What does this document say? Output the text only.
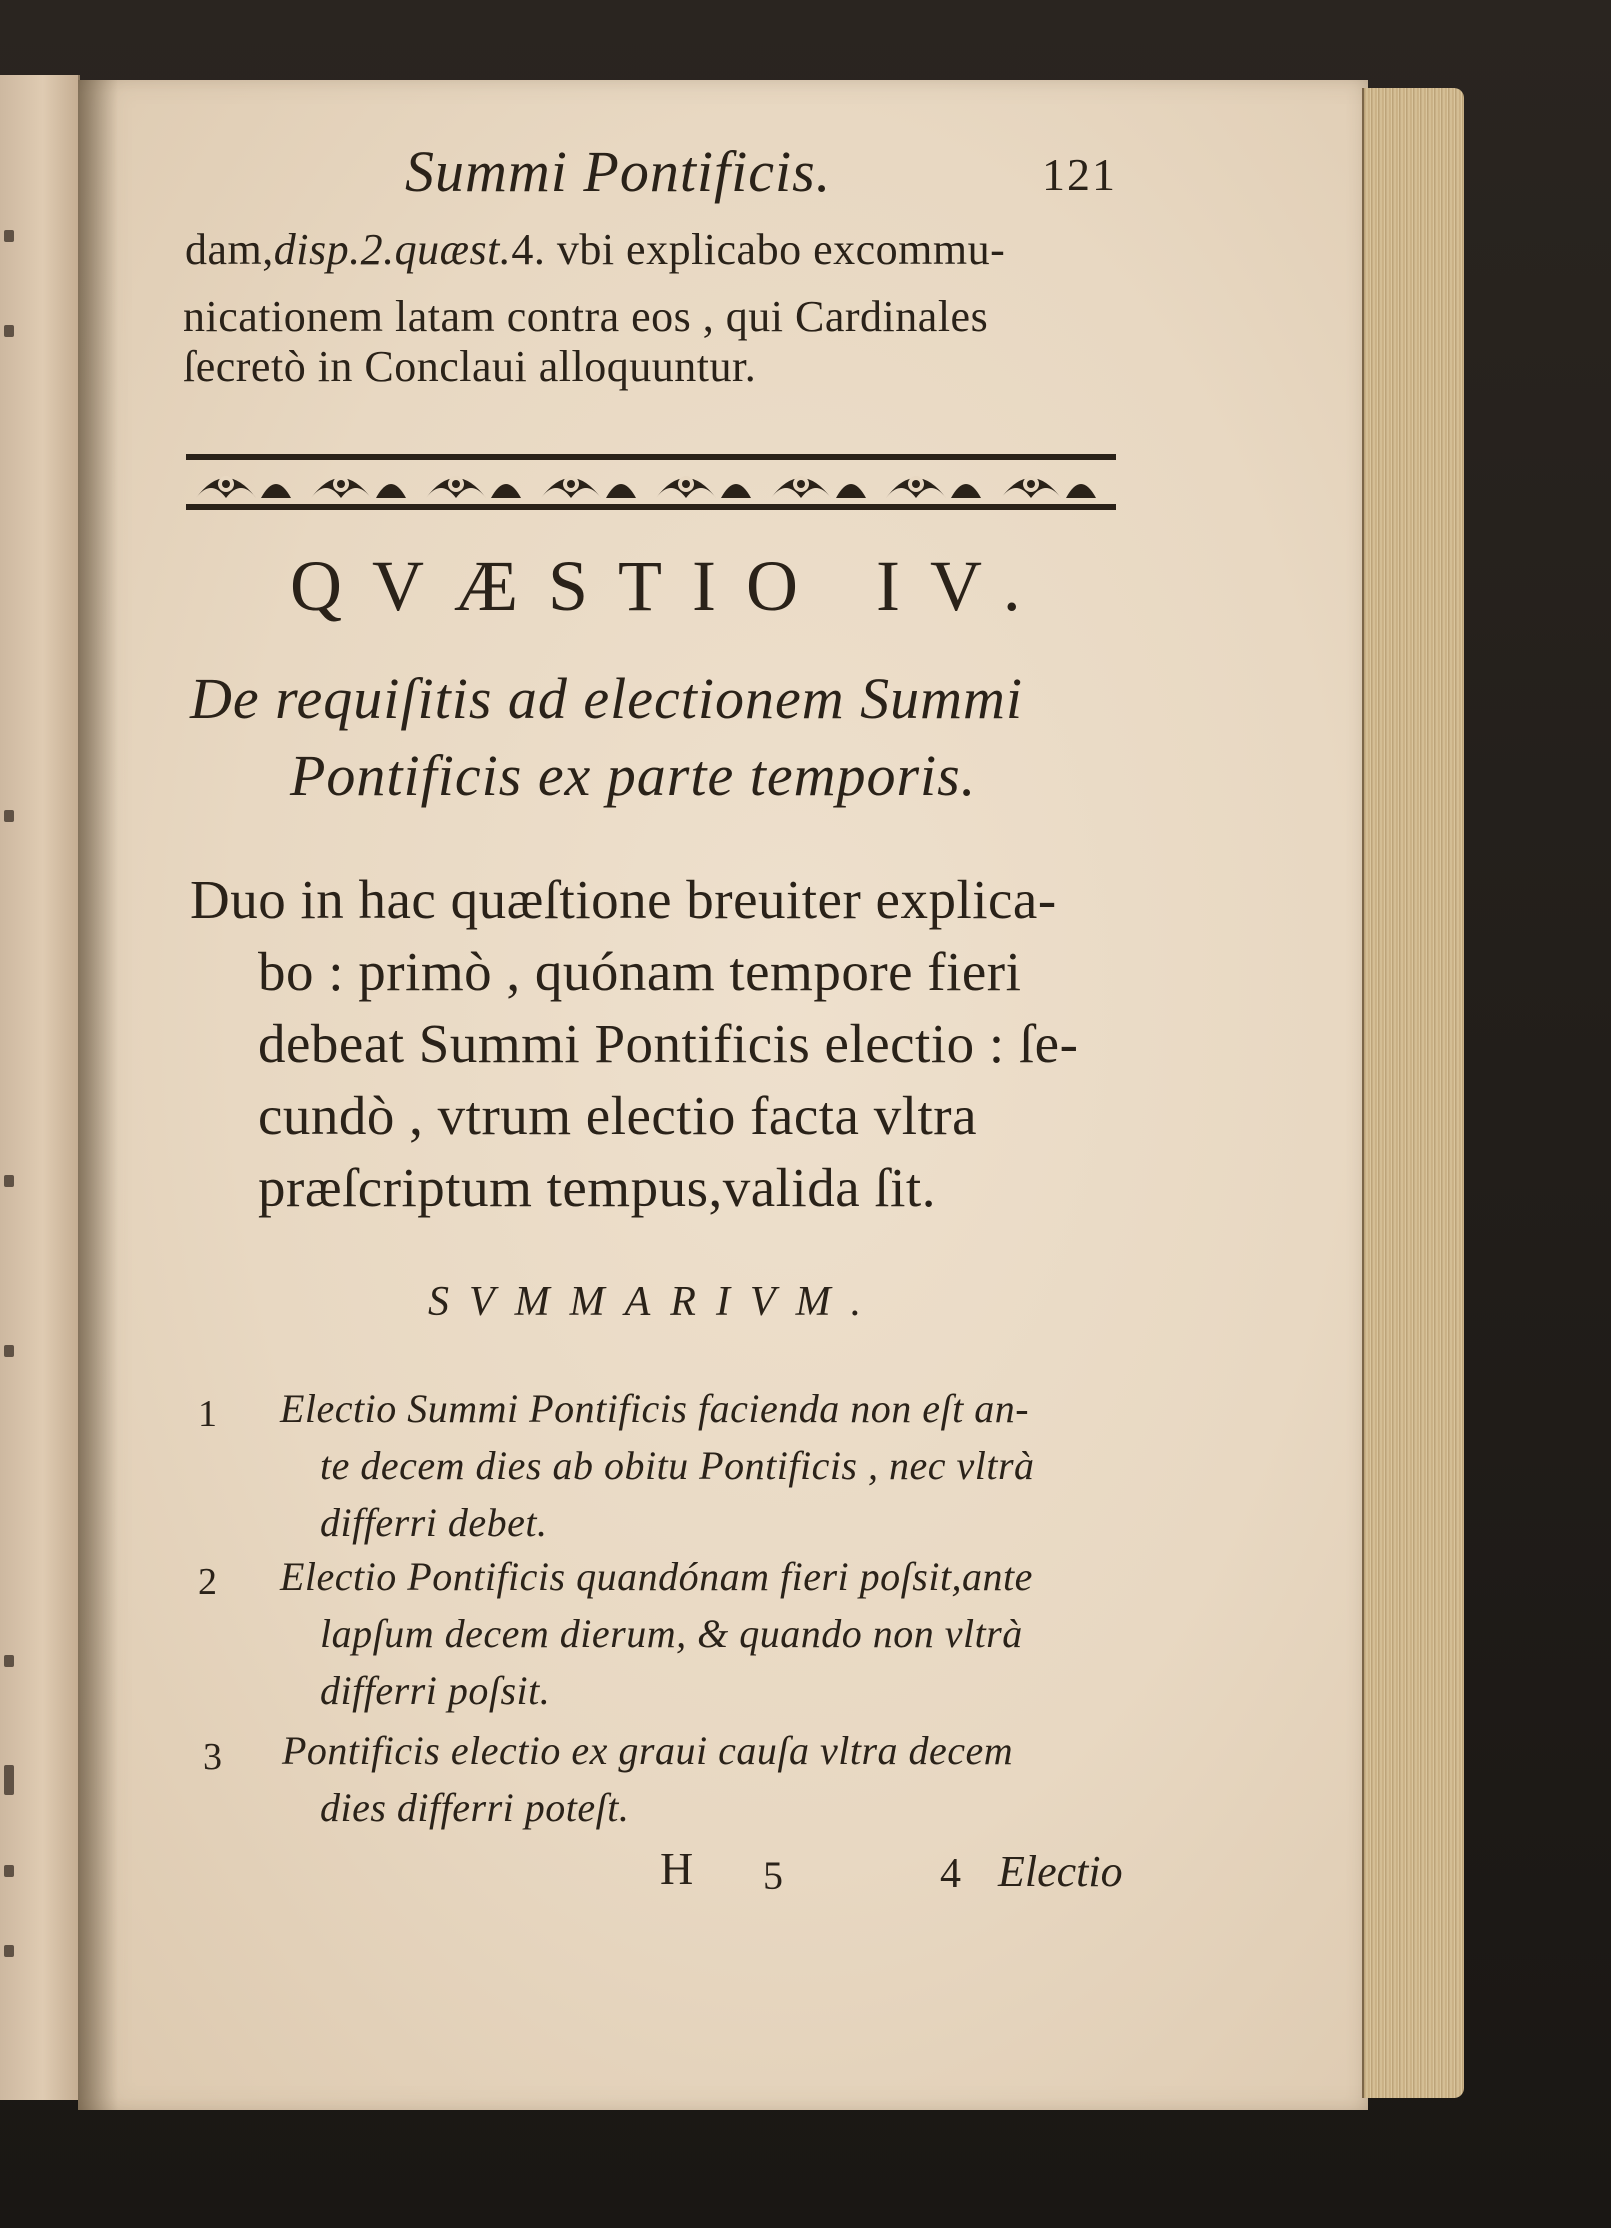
Summi Pontificis.	121
dam,disp.2.quæst.4. vbi explicabo excommu-
nicationem latam contra eos , qui Cardinales
ſecretò in Conclaui alloquuntur.
QVÆSTIO IV.
De requiſitis ad electionem Summi
Pontificis ex parte temporis.
Duo in hac quæſtione breuiter explica-
bo : primò , quónam tempore fieri
debeat Summi Pontificis electio : ſe-
cundò , vtrum electio facta vltra
præſcriptum tempus,valida ſit.
SVMMARIVM.
1 Electio Summi Pontificis facienda non eſt an-
te decem dies ab obitu Pontificis , nec vltrà
differri debet.
2 Electio Pontificis quandónam fieri poſsit,ante
lapſum decem dierum, & quando non vltrà
differri poſsit.
3 Pontificis electio ex graui cauſa vltra decem
dies differri poteſt.
H 5	4 Electio
